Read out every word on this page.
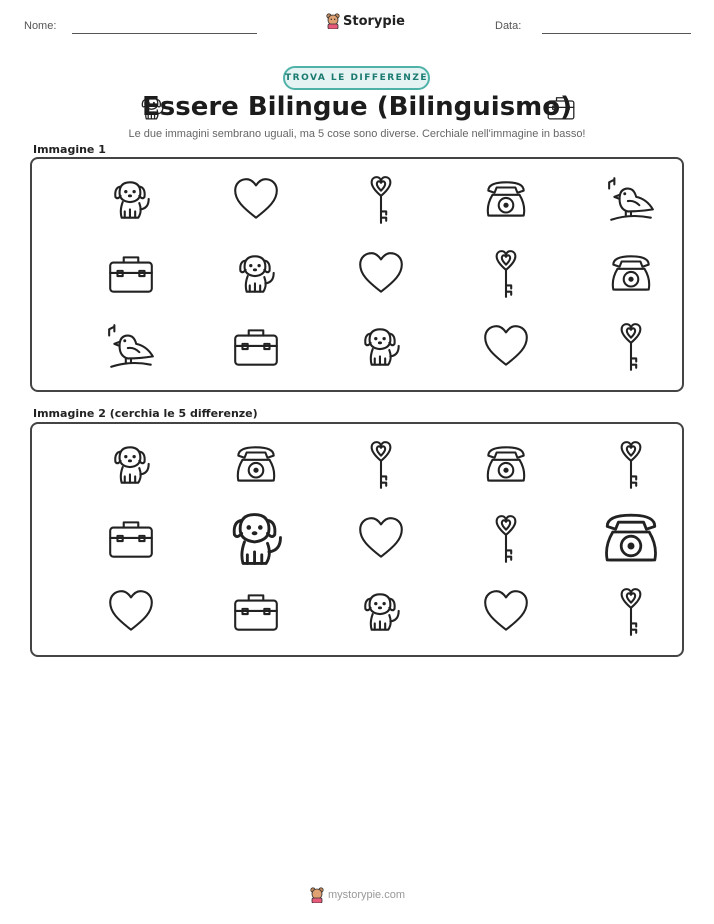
Nome:	Storypie	Data:
TROVA LE DIFFERENZE
Essere Bilingue (Bilinguismo)
Le due immagini sembrano uguali, ma 5 cose sono diverse. Cerchiale nell'immagine in basso!
Immagine 1
Immagine 2 (cerchia le 5 differenze)
mystorypie.com
